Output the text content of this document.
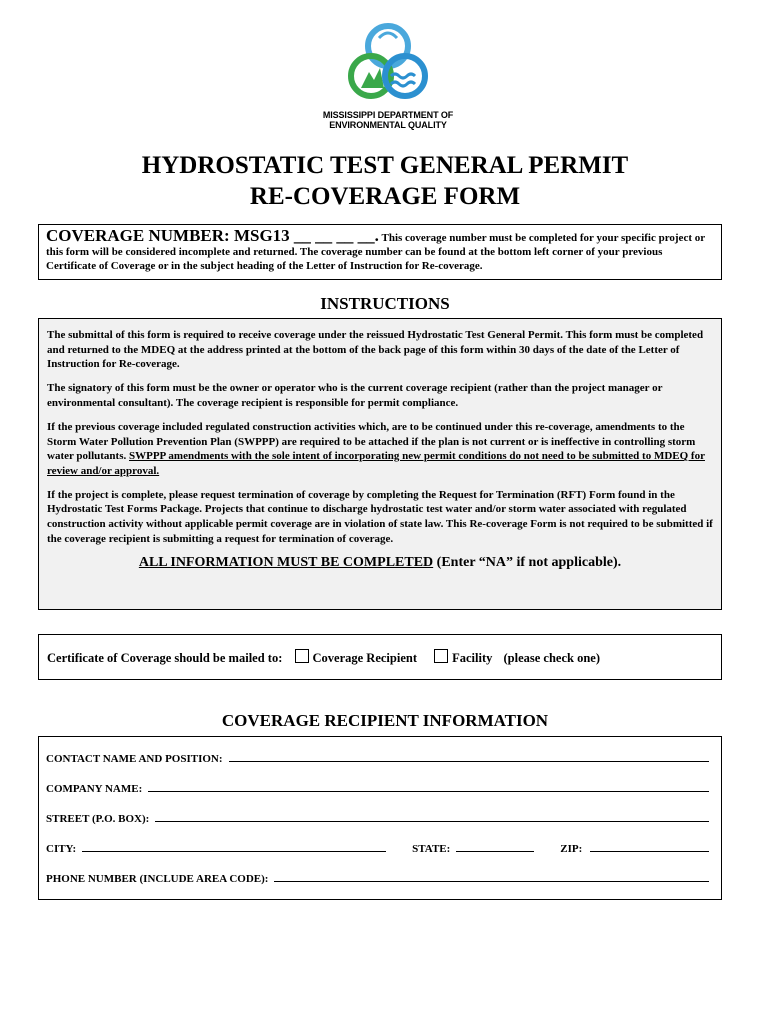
MISSISSIPPI DEPARTMENT OF
ENVIRONMENTAL QUALITY
HYDROSTATIC TEST GENERAL PERMIT
RE-COVERAGE FORM
COVERAGE NUMBER: MSG13 __ __ __ __. This coverage number must be completed for your specific project or this form will be considered incomplete and returned. The coverage number can be found at the bottom left corner of your previous Certificate of Coverage or in the subject heading of the Letter of Instruction for Re-coverage.
INSTRUCTIONS

The submittal of this form is required to receive coverage under the reissued Hydrostatic Test General Permit. This form must be completed and returned to the MDEQ at the address printed at the bottom of the back page of this form within 30 days of the date of the Letter of Instruction for Re-coverage.

The signatory of this form must be the owner or operator who is the current coverage recipient (rather than the project manager or environmental consultant). The coverage recipient is responsible for permit compliance.

If the previous coverage included regulated construction activities which, are to be continued under this re-coverage, amendments to the Storm Water Pollution Prevention Plan (SWPPP) are required to be attached if the plan is not current or is ineffective in controlling storm water pollutants. SWPPP amendments with the sole intent of incorporating new permit conditions do not need to be submitted to MDEQ for review and/or approval.

If the project is complete, please request termination of coverage by completing the Request for Termination (RFT) Form found in the Hydrostatic Test Forms Package. Projects that continue to discharge hydrostatic test water and/or storm water associated with regulated construction activity without applicable permit coverage are in violation of state law. This Re-coverage Form is not required to be submitted if the coverage recipient is submitting a request for termination of coverage.

ALL INFORMATION MUST BE COMPLETED (Enter “NA” if not applicable).
Certificate of Coverage should be mailed to: Coverage Recipient	Facility (please check one)
COVERAGE RECIPIENT INFORMATION
CONTACT NAME AND POSITION:
COMPANY NAME:
STREET (P.O. BOX):
CITY:	STATE:	ZIP:
PHONE NUMBER (INCLUDE AREA CODE):
